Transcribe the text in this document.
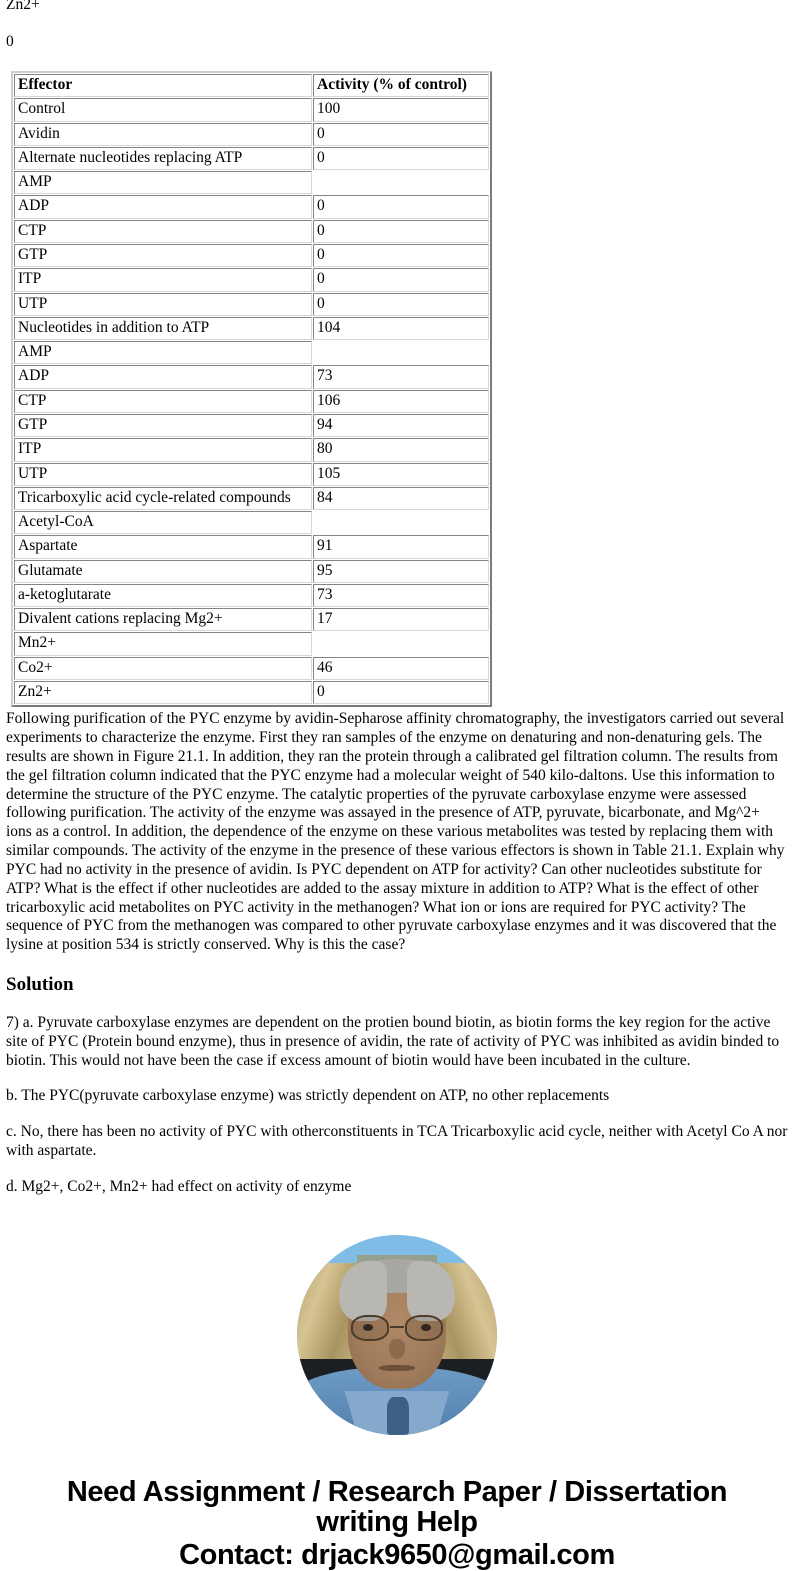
Zn2+
0
Effector	Activity (% of control)
Control	100
Avidin	0
Alternate nucleotides replacing ATP	0
AMP	
ADP	0
CTP	0
GTP	0
ITP	0
UTP	0
Nucleotides in addition to ATP	104
AMP	
ADP	73
CTP	106
GTP	94
ITP	80
UTP	105
Tricarboxylic acid cycle-related compounds	84
Acetyl-CoA	
Aspartate	91
Glutamate	95
a-ketoglutarate	73
Divalent cations replacing Mg2+	17
Mn2+	
Co2+	46
Zn2+	0

Following purification of the PYC enzyme by avidin-Sepharose affinity chromatography, the investigators carried out several experiments to characterize the enzyme. First they ran samples of the enzyme on denaturing and non-denaturing gels. The results are shown in Figure 21.1. In addition, they ran the protein through a calibrated gel filtration column. The results from the gel filtration column indicated that the PYC enzyme had a molecular weight of 540 kilo-daltons. Use this information to determine the structure of the PYC enzyme. The catalytic properties of the pyruvate carboxylase enzyme were assessed following purification. The activity of the enzyme was assayed in the presence of ATP, pyruvate, bicarbonate, and Mg^2+ ions as a control. In addition, the dependence of the enzyme on these various metabolites was tested by replacing them with similar compounds. The activity of the enzyme in the presence of these various effectors is shown in Table 21.1. Explain why PYC had no activity in the presence of avidin. Is PYC dependent on ATP for activity? Can other nucleotides substitute for ATP? What is the effect if other nucleotides are added to the assay mixture in addition to ATP? What is the effect of other tricarboxylic acid metabolites on PYC activity in the methanogen? What ion or ions are required for PYC activity? The sequence of PYC from the methanogen was compared to other pyruvate carboxylase enzymes and it was discovered that the lysine at position 534 is strictly conserved. Why is this the case?

Solution

7) a. Pyruvate carboxylase enzymes are dependent on the protien bound biotin, as biotin forms the key region for the active site of PYC (Protein bound enzyme), thus in presence of avidin, the rate of activity of PYC was inhibited as avidin binded to biotin. This would not have been the case if excess amount of biotin would have been incubated in the culture.

b. The PYC(pyruvate carboxylase enzyme) was strictly dependent on ATP, no other replacements

c. No, there has been no activity of PYC with otherconstituents in TCA Tricarboxylic acid cycle, neither with Acetyl Co A nor with aspartate.

d. Mg2+, Co2+, Mn2+ had effect on activity of enzyme

Need Assignment / Research Paper / Dissertation
writing Help
Contact: drjack9650@gmail.com
